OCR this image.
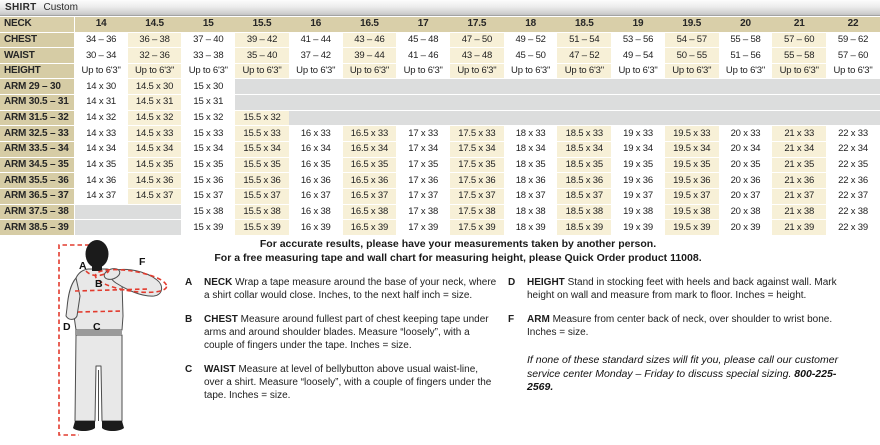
SHIRT Custom
NECK	14	14.5	15	15.5	16	16.5	17	17.5	18	18.5	19	19.5	20	21	22
CHEST	34 – 36	36 – 38	37 – 40	39 – 42	41 – 44	43 – 46	45 – 48	47 – 50	49 – 52	51 – 54	53 – 56	54 – 57	55 – 58	57 – 60	59 – 62
WAIST	30 – 34	32 – 36	33 – 38	35 – 40	37 – 42	39 – 44	41 – 46	43 – 48	45 – 50	47 – 52	49 – 54	50 – 55	51 – 56	55 – 58	57 – 60
HEIGHT	Up to 6'3"	Up to 6'3"	Up to 6'3"	Up to 6'3"	Up to 6'3"	Up to 6'3"	Up to 6'3"	Up to 6'3"	Up to 6'3"	Up to 6'3"	Up to 6'3"	Up to 6'3"	Up to 6'3"	Up to 6'3"	Up to 6'3"
ARM 29 – 30	14 x 30	14.5 x 30	15 x 30												
ARM 30.5 – 31	14 x 31	14.5 x 31	15 x 31												
ARM 31.5 – 32	14 x 32	14.5 x 32	15 x 32	15.5 x 32											
ARM 32.5 – 33	14 x 33	14.5 x 33	15 x 33	15.5 x 33	16 x 33	16.5 x 33	17 x 33	17.5 x 33	18 x 33	18.5 x 33	19 x 33	19.5 x 33	20 x 33	21 x 33	22 x 33
ARM 33.5 – 34	14 x 34	14.5 x 34	15 x 34	15.5 x 34	16 x 34	16.5 x 34	17 x 34	17.5 x 34	18 x 34	18.5 x 34	19 x 34	19.5 x 34	20 x 34	21 x 34	22 x 34
ARM 34.5 – 35	14 x 35	14.5 x 35	15 x 35	15.5 x 35	16 x 35	16.5 x 35	17 x 35	17.5 x 35	18 x 35	18.5 x 35	19 x 35	19.5 x 35	20 x 35	21 x 35	22 x 35
ARM 35.5 – 36	14 x 36	14.5 x 36	15 x 36	15.5 x 36	16 x 36	16.5 x 36	17 x 36	17.5 x 36	18 x 36	18.5 x 36	19 x 36	19.5 x 36	20 x 36	21 x 36	22 x 36
ARM 36.5 – 37	14 x 37	14.5 x 37	15 x 37	15.5 x 37	16 x 37	16.5 x 37	17 x 37	17.5 x 37	18 x 37	18.5 x 37	19 x 37	19.5 x 37	20 x 37	21 x 37	22 x 37
ARM 37.5 – 38			15 x 38	15.5 x 38	16 x 38	16.5 x 38	17 x 38	17.5 x 38	18 x 38	18.5 x 38	19 x 38	19.5 x 38	20 x 38	21 x 38	22 x 38
ARM 38.5 – 39			15 x 39	15.5 x 39	16 x 39	16.5 x 39	17 x 39	17.5 x 39	18 x 39	18.5 x 39	19 x 39	19.5 x 39	20 x 39	21 x 39	22 x 39
A
B
C
D
F
For accurate results, please have your measurements taken by another person.
For a free measuring tape and wall chart for measuring height, please Quick Order product 11008.
A	NECK Wrap a tape measure around the base of your neck, where a shirt collar would close. Inches, to the next half inch = size.
B	CHEST Measure around fullest part of chest keeping tape under arms and around shoulder blades. Measure “loosely”, with a couple of fingers under the tape. Inches = size.
C	WAIST Measure at level of bellybutton above usual waist-line, over a shirt. Measure “loosely”, with a couple of fingers under the tape. Inches = size.
D	HEIGHT Stand in stocking feet with heels and back against wall. Mark height on wall and measure from mark to floor. Inches = height.
F	ARM Measure from center back of neck, over shoulder to wrist bone. Inches = size.
If none of these standard sizes will fit you, please call our customer service center Monday – Friday to discuss special sizing. 800-225-2569.
